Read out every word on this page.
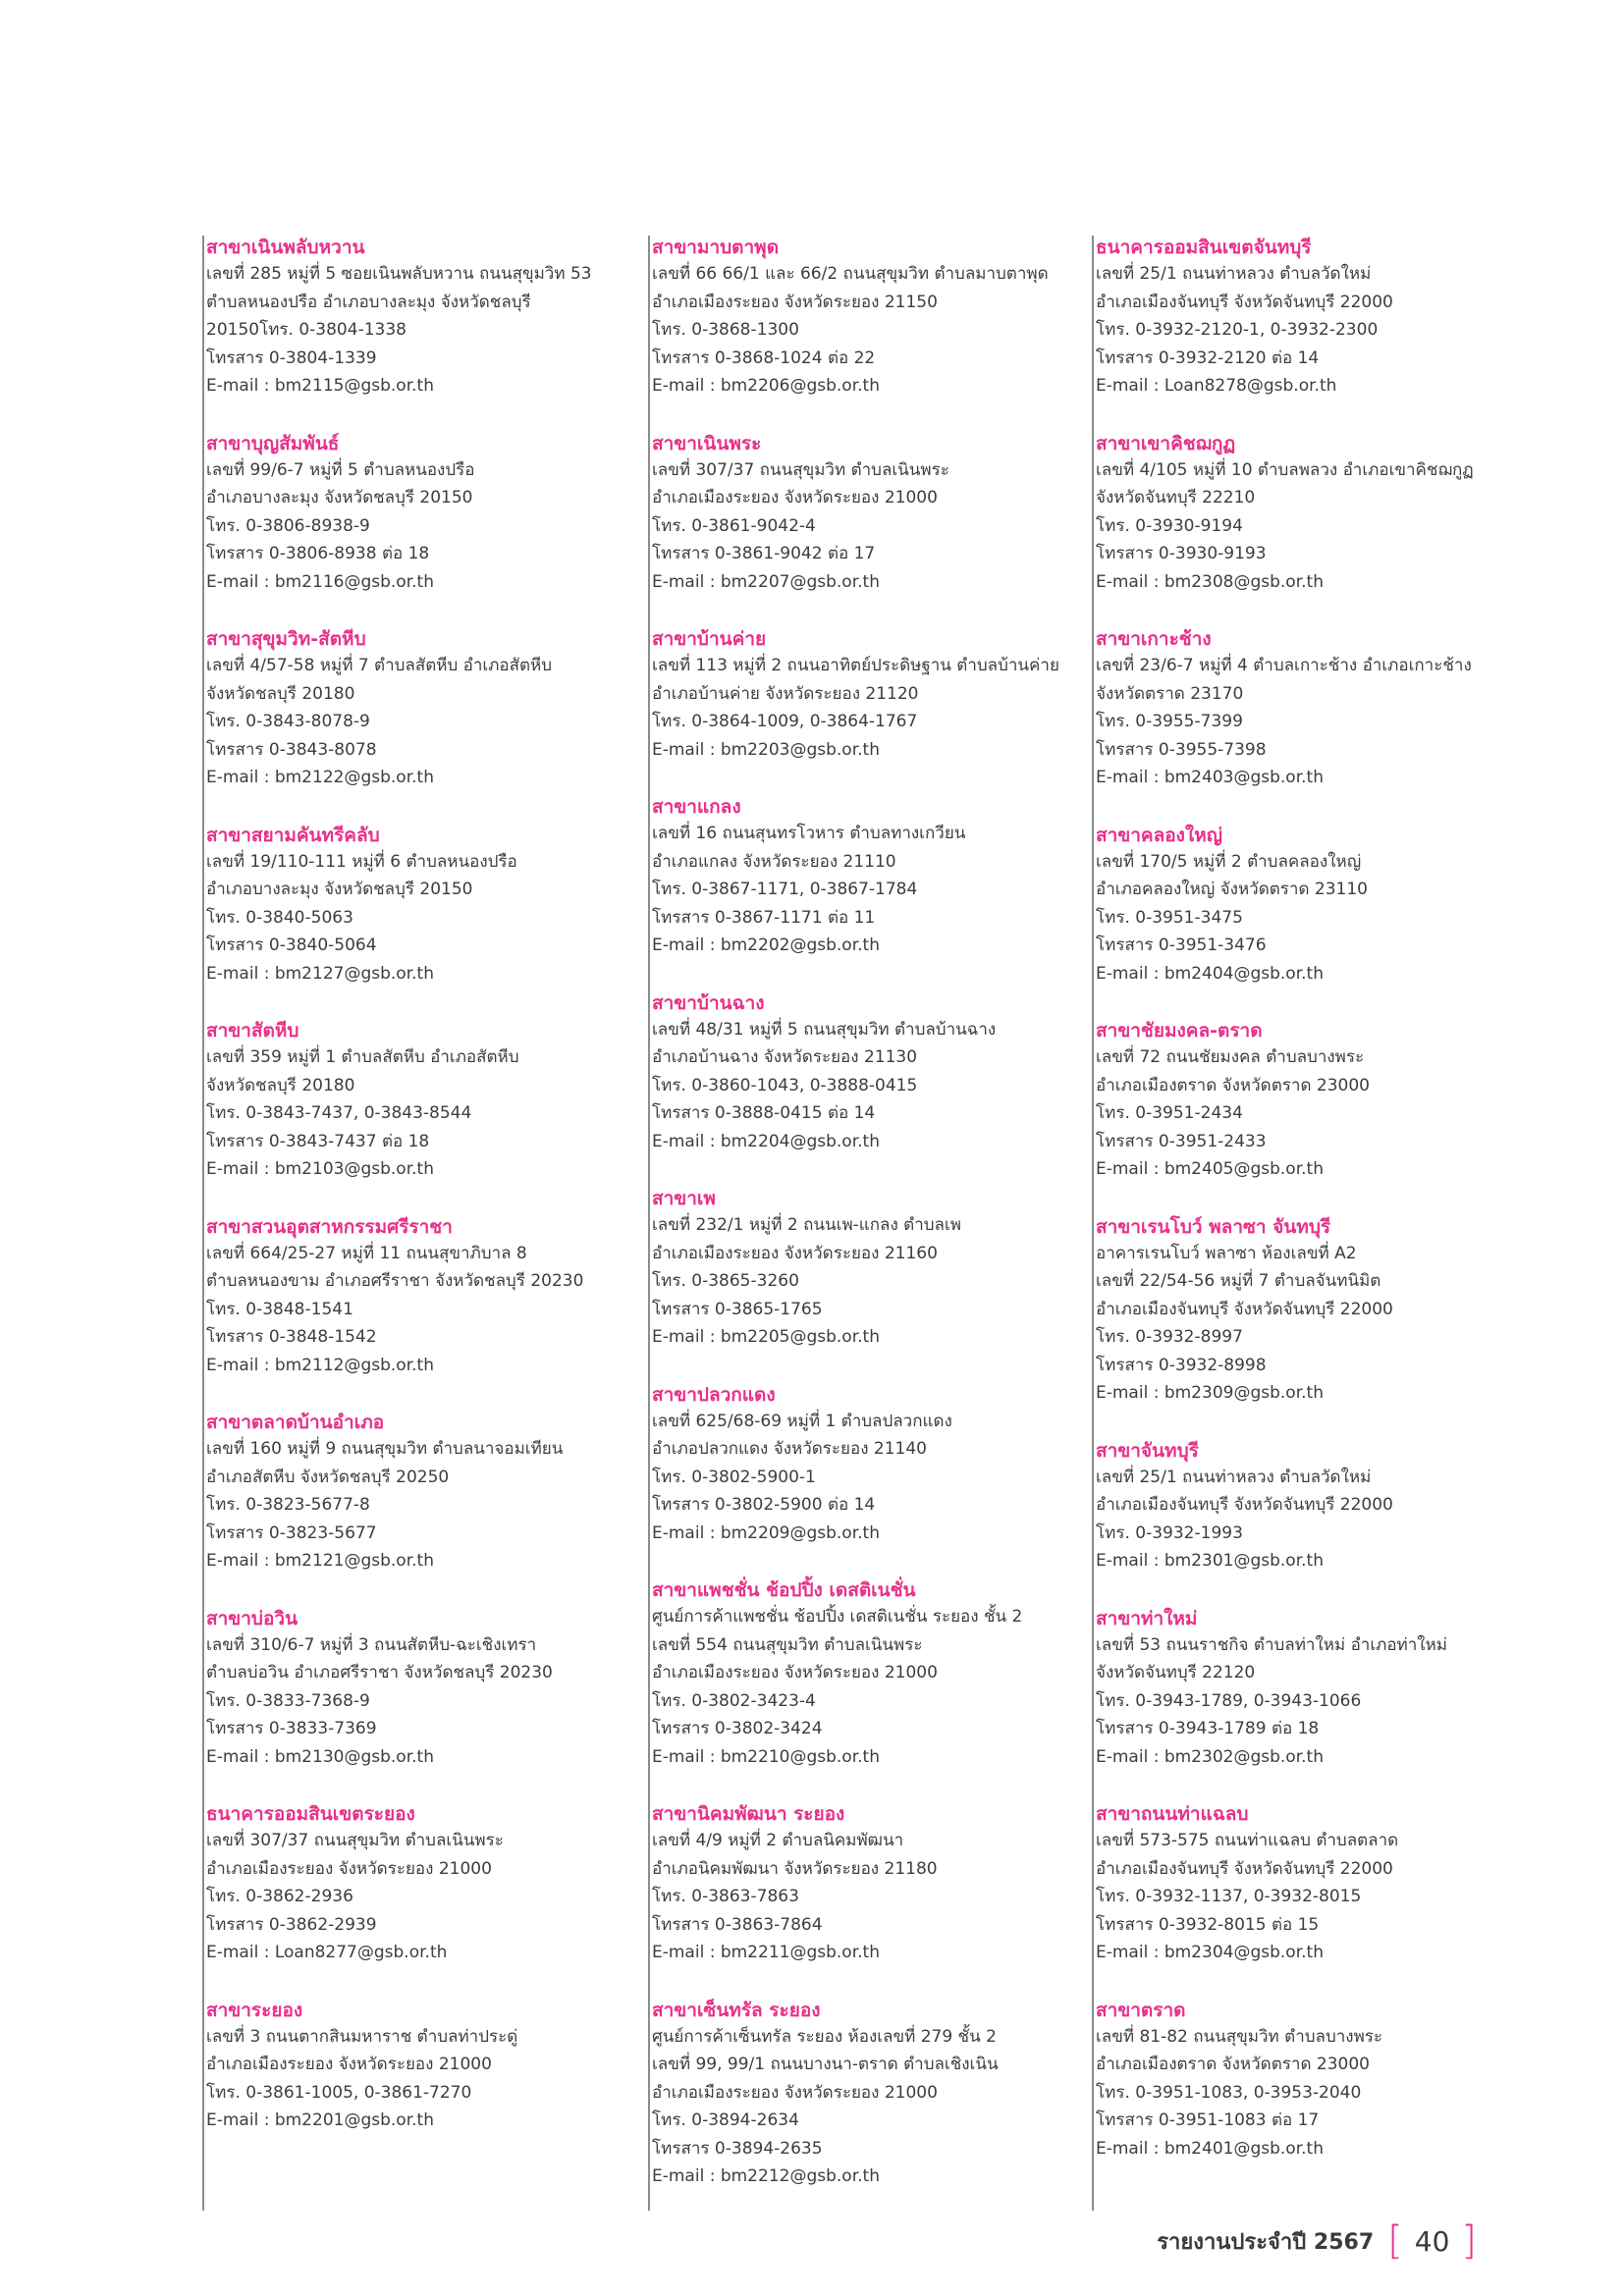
สาขาเนินพลับหวาน

เลขที่ 285 หมู่ที่ 5 ซอยเนินพลับหวาน ถนนสุขุมวิท 53

ตำบลหนองปรือ อำเภอบางละมุง จังหวัดชลบุรี

20150โทร. 0-3804-1338

โทรสาร 0-3804-1339

E-mail : bm2115@gsb.or.th

สาขาบุญสัมพันธ์

เลขที่ 99/6-7 หมู่ที่ 5 ตำบลหนองปรือ

อำเภอบางละมุง จังหวัดชลบุรี 20150

โทร. 0-3806-8938-9

โทรสาร 0-3806-8938 ต่อ 18

E-mail : bm2116@gsb.or.th

สาขาสุขุมวิท-สัตหีบ

เลขที่ 4/57-58 หมู่ที่ 7 ตำบลสัตหีบ อำเภอสัตหีบ

จังหวัดชลบุรี 20180

โทร. 0-3843-8078-9

โทรสาร 0-3843-8078

E-mail : bm2122@gsb.or.th

สาขาสยามคันทรีคลับ

เลขที่ 19/110-111 หมู่ที่ 6 ตำบลหนองปรือ

อำเภอบางละมุง จังหวัดชลบุรี 20150

โทร. 0-3840-5063

โทรสาร 0-3840-5064

E-mail : bm2127@gsb.or.th

สาขาสัตหีบ

เลขที่ 359 หมู่ที่ 1 ตำบลสัตหีบ อำเภอสัตหีบ

จังหวัดชลบุรี 20180

โทร. 0-3843-7437, 0-3843-8544

โทรสาร 0-3843-7437 ต่อ 18

E-mail : bm2103@gsb.or.th

สาขาสวนอุตสาหกรรมศรีราชา

เลขที่ 664/25-27 หมู่ที่ 11 ถนนสุขาภิบาล 8

ตำบลหนองขาม อำเภอศรีราชา จังหวัดชลบุรี 20230

โทร. 0-3848-1541

โทรสาร 0-3848-1542

E-mail : bm2112@gsb.or.th

สาขาตลาดบ้านอำเภอ

เลขที่ 160 หมู่ที่ 9 ถนนสุขุมวิท ตำบลนาจอมเทียน

อำเภอสัตหีบ จังหวัดชลบุรี 20250

โทร. 0-3823-5677-8

โทรสาร 0-3823-5677

E-mail : bm2121@gsb.or.th

สาขาบ่อวิน

เลขที่ 310/6-7 หมู่ที่ 3 ถนนสัตหีบ-ฉะเชิงเทรา

ตำบลบ่อวิน อำเภอศรีราชา จังหวัดชลบุรี 20230

โทร. 0-3833-7368-9

โทรสาร 0-3833-7369

E-mail : bm2130@gsb.or.th

ธนาคารออมสินเขตระยอง

เลขที่ 307/37 ถนนสุขุมวิท ตำบลเนินพระ

อำเภอเมืองระยอง จังหวัดระยอง 21000

โทร. 0-3862-2936

โทรสาร 0-3862-2939

E-mail : Loan8277@gsb.or.th

สาขาระยอง

เลขที่ 3 ถนนตากสินมหาราช ตำบลท่าประดู่

อำเภอเมืองระยอง จังหวัดระยอง 21000

โทร. 0-3861-1005, 0-3861-7270

E-mail : bm2201@gsb.or.th

สาขามาบตาพุด

เลขที่ 66 66/1 และ 66/2 ถนนสุขุมวิท ตำบลมาบตาพุด

อำเภอเมืองระยอง จังหวัดระยอง 21150

โทร. 0-3868-1300

โทรสาร 0-3868-1024 ต่อ 22

E-mail : bm2206@gsb.or.th

สาขาเนินพระ

เลขที่ 307/37 ถนนสุขุมวิท ตำบลเนินพระ

อำเภอเมืองระยอง จังหวัดระยอง 21000

โทร. 0-3861-9042-4

โทรสาร 0-3861-9042 ต่อ 17

E-mail : bm2207@gsb.or.th

สาขาบ้านค่าย

เลขที่ 113 หมู่ที่ 2 ถนนอาทิตย์ประดิษฐาน ตำบลบ้านค่าย

อำเภอบ้านค่าย จังหวัดระยอง 21120

โทร. 0-3864-1009, 0-3864-1767

E-mail : bm2203@gsb.or.th

สาขาแกลง

เลขที่ 16 ถนนสุนทรโวหาร ตำบลทางเกวียน

อำเภอแกลง จังหวัดระยอง 21110

โทร. 0-3867-1171, 0-3867-1784

โทรสาร 0-3867-1171 ต่อ 11

E-mail : bm2202@gsb.or.th

สาขาบ้านฉาง

เลขที่ 48/31 หมู่ที่ 5 ถนนสุขุมวิท ตำบลบ้านฉาง

อำเภอบ้านฉาง จังหวัดระยอง 21130

โทร. 0-3860-1043, 0-3888-0415

โทรสาร 0-3888-0415 ต่อ 14

E-mail : bm2204@gsb.or.th

สาขาเพ

เลขที่ 232/1 หมู่ที่ 2 ถนนเพ-แกลง ตำบลเพ

อำเภอเมืองระยอง จังหวัดระยอง 21160

โทร. 0-3865-3260

โทรสาร 0-3865-1765

E-mail : bm2205@gsb.or.th

สาขาปลวกแดง

เลขที่ 625/68-69 หมู่ที่ 1 ตำบลปลวกแดง

อำเภอปลวกแดง จังหวัดระยอง 21140

โทร. 0-3802-5900-1

โทรสาร 0-3802-5900 ต่อ 14

E-mail : bm2209@gsb.or.th

สาขาแพชชั่น ช้อปปิ้ง เดสติเนชั่น

ศูนย์การค้าแพชชั่น ช้อปปิ้ง เดสติเนชั่น ระยอง ชั้น 2

เลขที่ 554 ถนนสุขุมวิท ตำบลเนินพระ

อำเภอเมืองระยอง จังหวัดระยอง 21000

โทร. 0-3802-3423-4

โทรสาร 0-3802-3424

E-mail : bm2210@gsb.or.th

สาขานิคมพัฒนา ระยอง

เลขที่ 4/9 หมู่ที่ 2 ตำบลนิคมพัฒนา

อำเภอนิคมพัฒนา จังหวัดระยอง 21180

โทร. 0-3863-7863

โทรสาร 0-3863-7864

E-mail : bm2211@gsb.or.th

สาขาเซ็นทรัล ระยอง

ศูนย์การค้าเซ็นทรัล ระยอง ห้องเลขที่ 279 ชั้น 2

เลขที่ 99, 99/1 ถนนบางนา-ตราด ตำบลเชิงเนิน

อำเภอเมืองระยอง จังหวัดระยอง 21000

โทร. 0-3894-2634

โทรสาร 0-3894-2635

E-mail : bm2212@gsb.or.th

ธนาคารออมสินเขตจันทบุรี

เลขที่ 25/1 ถนนท่าหลวง ตำบลวัดใหม่

อำเภอเมืองจันทบุรี จังหวัดจันทบุรี 22000

โทร. 0-3932-2120-1, 0-3932-2300

โทรสาร 0-3932-2120 ต่อ 14

E-mail : Loan8278@gsb.or.th

สาขาเขาคิชฌกูฏ

เลขที่ 4/105 หมู่ที่ 10 ตำบลพลวง อำเภอเขาคิชฌกูฏ

จังหวัดจันทบุรี 22210

โทร. 0-3930-9194

โทรสาร 0-3930-9193

E-mail : bm2308@gsb.or.th

สาขาเกาะช้าง

เลขที่ 23/6-7 หมู่ที่ 4 ตำบลเกาะช้าง อำเภอเกาะช้าง

จังหวัดตราด 23170

โทร. 0-3955-7399

โทรสาร 0-3955-7398

E-mail : bm2403@gsb.or.th

สาขาคลองใหญ่

เลขที่ 170/5 หมู่ที่ 2 ตำบลคลองใหญ่

อำเภอคลองใหญ่ จังหวัดตราด 23110

โทร. 0-3951-3475

โทรสาร 0-3951-3476

E-mail : bm2404@gsb.or.th

สาขาชัยมงคล-ตราด

เลขที่ 72 ถนนชัยมงคล ตำบลบางพระ

อำเภอเมืองตราด จังหวัดตราด 23000

โทร. 0-3951-2434

โทรสาร 0-3951-2433

E-mail : bm2405@gsb.or.th

สาขาเรนโบว์ พลาซา จันทบุรี

อาคารเรนโบว์ พลาซา ห้องเลขที่ A2

เลขที่ 22/54-56 หมู่ที่ 7 ตำบลจันทนิมิต

อำเภอเมืองจันทบุรี จังหวัดจันทบุรี 22000

โทร. 0-3932-8997

โทรสาร 0-3932-8998

E-mail : bm2309@gsb.or.th

สาขาจันทบุรี

เลขที่ 25/1 ถนนท่าหลวง ตำบลวัดใหม่

อำเภอเมืองจันทบุรี จังหวัดจันทบุรี 22000

โทร. 0-3932-1993

E-mail : bm2301@gsb.or.th

สาขาท่าใหม่

เลขที่ 53 ถนนราชกิจ ตำบลท่าใหม่ อำเภอท่าใหม่

จังหวัดจันทบุรี 22120

โทร. 0-3943-1789, 0-3943-1066

โทรสาร 0-3943-1789 ต่อ 18

E-mail : bm2302@gsb.or.th

สาขาถนนท่าแฉลบ

เลขที่ 573-575 ถนนท่าแฉลบ ตำบลตลาด

อำเภอเมืองจันทบุรี จังหวัดจันทบุรี 22000

โทร. 0-3932-1137, 0-3932-8015

โทรสาร 0-3932-8015 ต่อ 15

E-mail : bm2304@gsb.or.th

สาขาตราด

เลขที่ 81-82 ถนนสุขุมวิท ตำบลบางพระ

อำเภอเมืองตราด จังหวัดตราด 23000

โทร. 0-3951-1083, 0-3953-2040

โทรสาร 0-3951-1083 ต่อ 17

E-mail : bm2401@gsb.or.th

รายงานประจำปี 2567 [ 40 ]
